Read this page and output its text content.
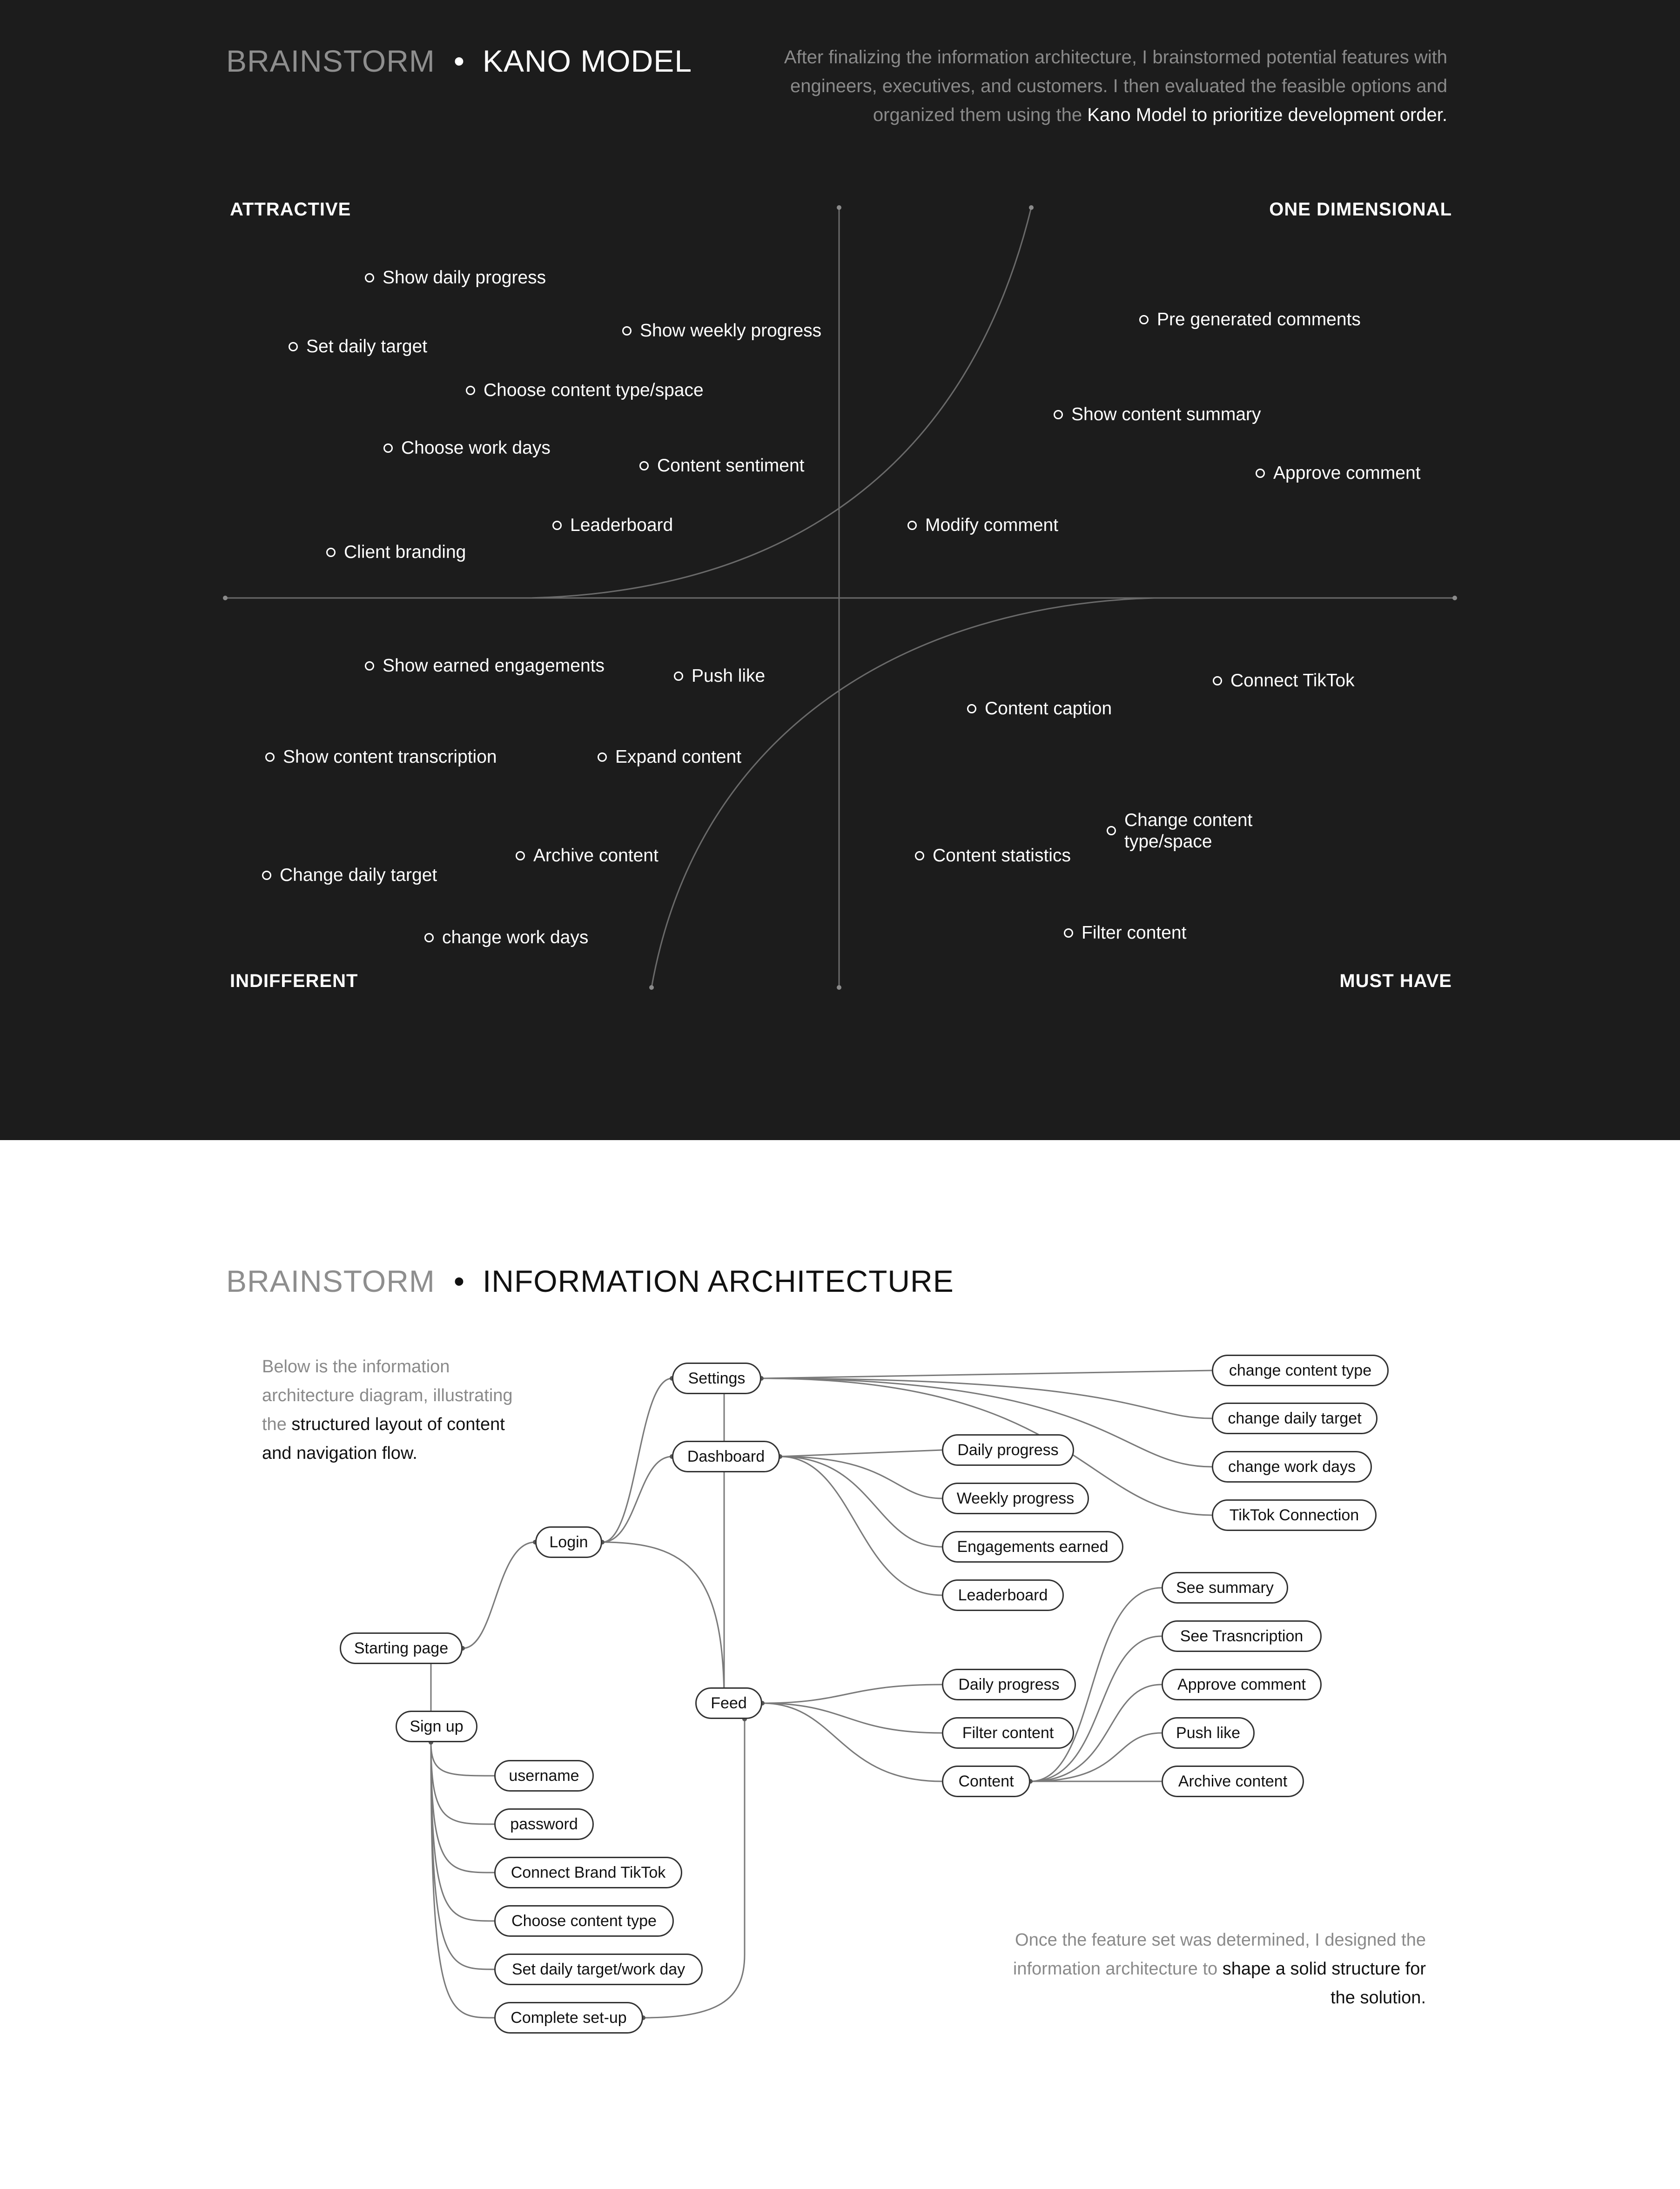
BRAINSTORM • KANO MODEL	After finalizing the information architecture, I brainstormed potential features with
engineers, executives, and customers. I then evaluated the feasible options and
organized them using the Kano Model to prioritize development order.
ATTRACTIVE	ONE DIMENSIONAL
INDIFFERENT	MUST HAVE
Show daily progress
Set daily target
Show weekly progress
Choose content type/space
Choose work days
Content sentiment
Leaderboard
Client branding
Pre generated comments
Show content summary
Approve comment
Modify comment
Show earned engagements
Push like
Show content transcription	Expand content
Archive content
Change daily target
change work days
Connect TikTok
Content caption
Change content
type/space
Content statistics
Filter content
BRAINSTORM • INFORMATION ARCHITECTURE
Below is the information
architecture diagram, illustrating
the structured layout of content
and navigation flow.
Once the feature set was determined, I designed the
information architecture to shape a solid structure for
the solution.
Settings
Dashboard
Login
Starting page
Sign up
Feed
change content type
change daily target
change work days
TikTok Connection
Daily progress
Weekly progress
Engagements earned
Leaderboard	See summary
See Trasncription
Approve comment
Push like
Archive content
Daily progress
Filter content
Content
username
password
Connect Brand TikTok
Choose content type
Set daily target/work day
Complete set-up
